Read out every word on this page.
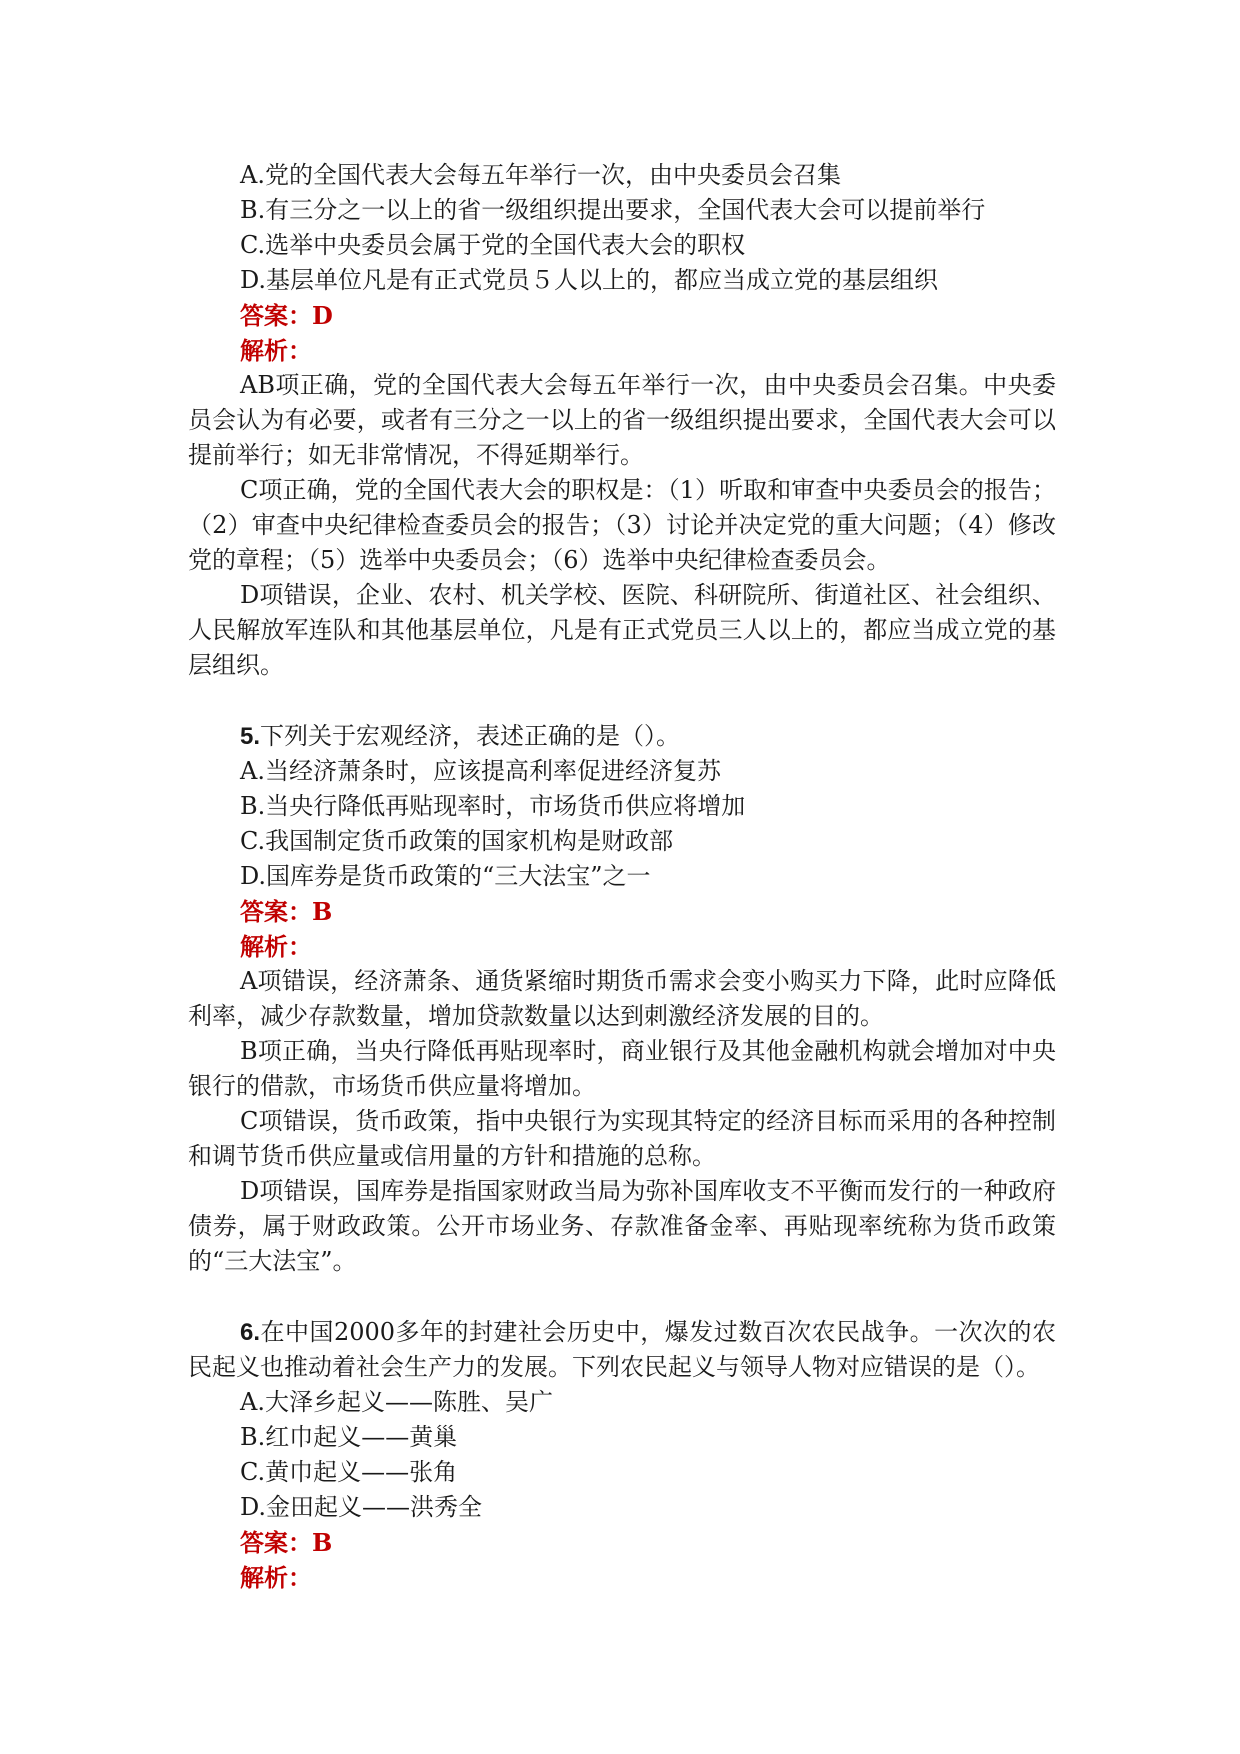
A.党的全国代表大会每五年举行一次，由中央委员会召集
B.有三分之一以上的省一级组织提出要求，全国代表大会可以提前举行
C.选举中央委员会属于党的全国代表大会的职权
D.基层单位凡是有正式党员５人以上的，都应当成立党的基层组织
答案：D
解析：
AB项正确，党的全国代表大会每五年举行一次，由中央委员会召集。中央委员会认为有必要，或者有三分之一以上的省一级组织提出要求，全国代表大会可以提前举行；如无非常情况，不得延期举行。
C项正确，党的全国代表大会的职权是：（1）听取和审查中央委员会的报告；（2）审查中央纪律检查委员会的报告；（3）讨论并决定党的重大问题；（4）修改党的章程；（5）选举中央委员会；（6）选举中央纪律检查委员会。
D项错误，企业、农村、机关学校、医院、科研院所、街道社区、社会组织、人民解放军连队和其他基层单位，凡是有正式党员三人以上的，都应当成立党的基层组织。
5.下列关于宏观经济，表述正确的是（）。
A.当经济萧条时，应该提高利率促进经济复苏
B.当央行降低再贴现率时，市场货币供应将增加
C.我国制定货币政策的国家机构是财政部
D.国库券是货币政策的“三大法宝”之一
答案：B
解析：
A项错误，经济萧条、通货紧缩时期货币需求会变小购买力下降，此时应降低利率，减少存款数量，增加贷款数量以达到刺激经济发展的目的。
B项正确，当央行降低再贴现率时，商业银行及其他金融机构就会增加对中央银行的借款，市场货币供应量将增加。
C项错误，货币政策，指中央银行为实现其特定的经济目标而采用的各种控制和调节货币供应量或信用量的方针和措施的总称。
D项错误，国库券是指国家财政当局为弥补国库收支不平衡而发行的一种政府债券，属于财政政策。公开市场业务、存款准备金率、再贴现率统称为货币政策的“三大法宝”。
6.在中国2000多年的封建社会历史中，爆发过数百次农民战争。一次次的农民起义也推动着社会生产力的发展。下列农民起义与领导人物对应错误的是（）。
A.大泽乡起义——陈胜、吴广
B.红巾起义——黄巢
C.黄巾起义——张角
D.金田起义——洪秀全
答案：B
解析：
